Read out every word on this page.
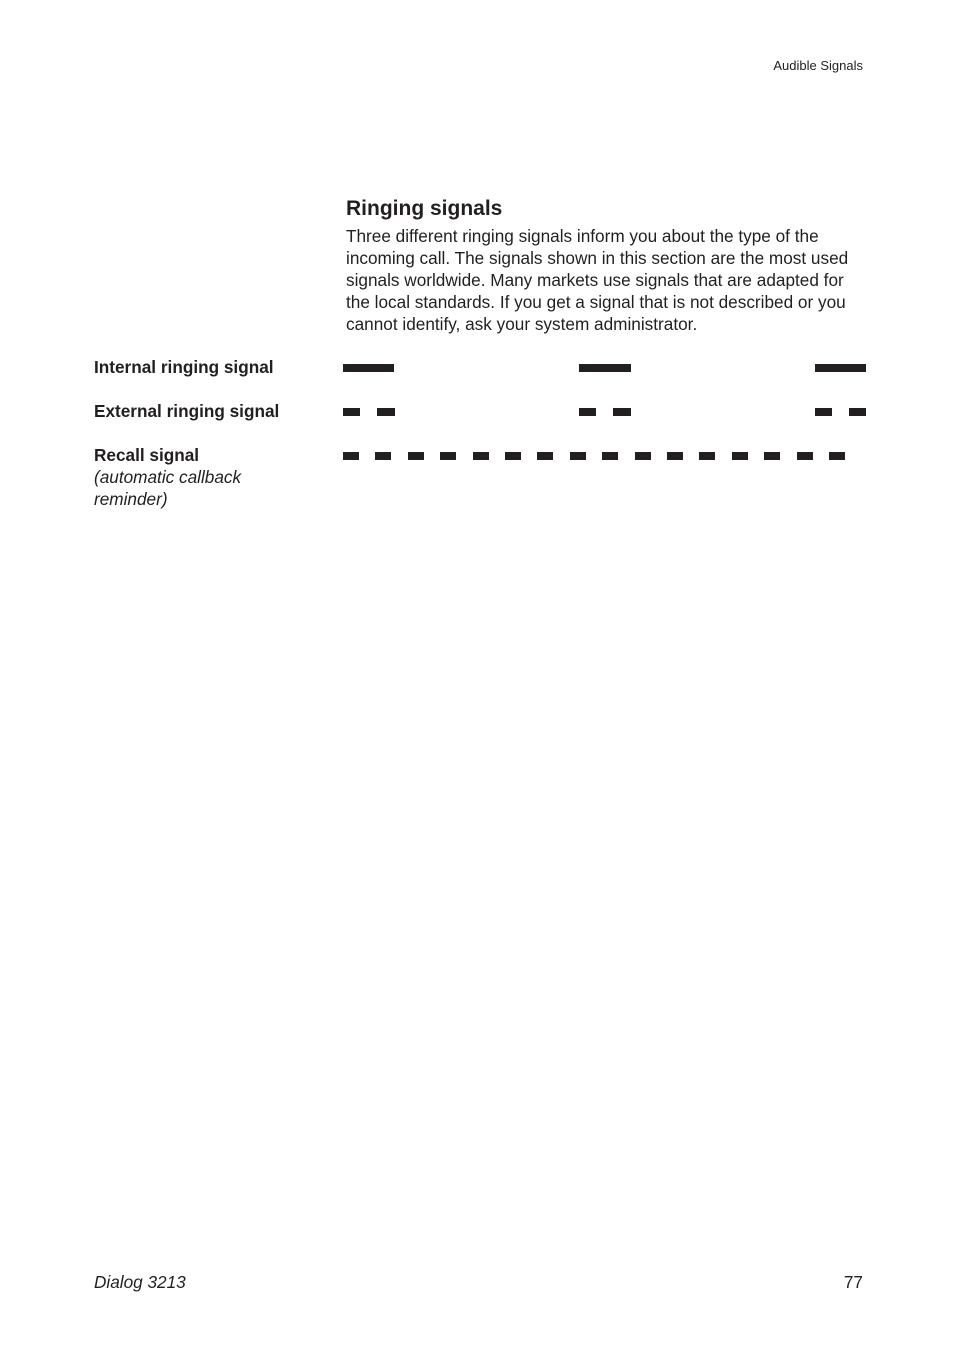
Audible Signals
Ringing signals

Three different ringing signals inform you about the type of the incoming call. The signals shown in this section are the most used signals worldwide. Many markets use signals that are adapted for the local standards. If you get a signal that is not described or you cannot identify, ask your system administrator.

Internal ringing signal
External ringing signal
Recall signal
(automatic callback reminder)
Dialog 3213	77
